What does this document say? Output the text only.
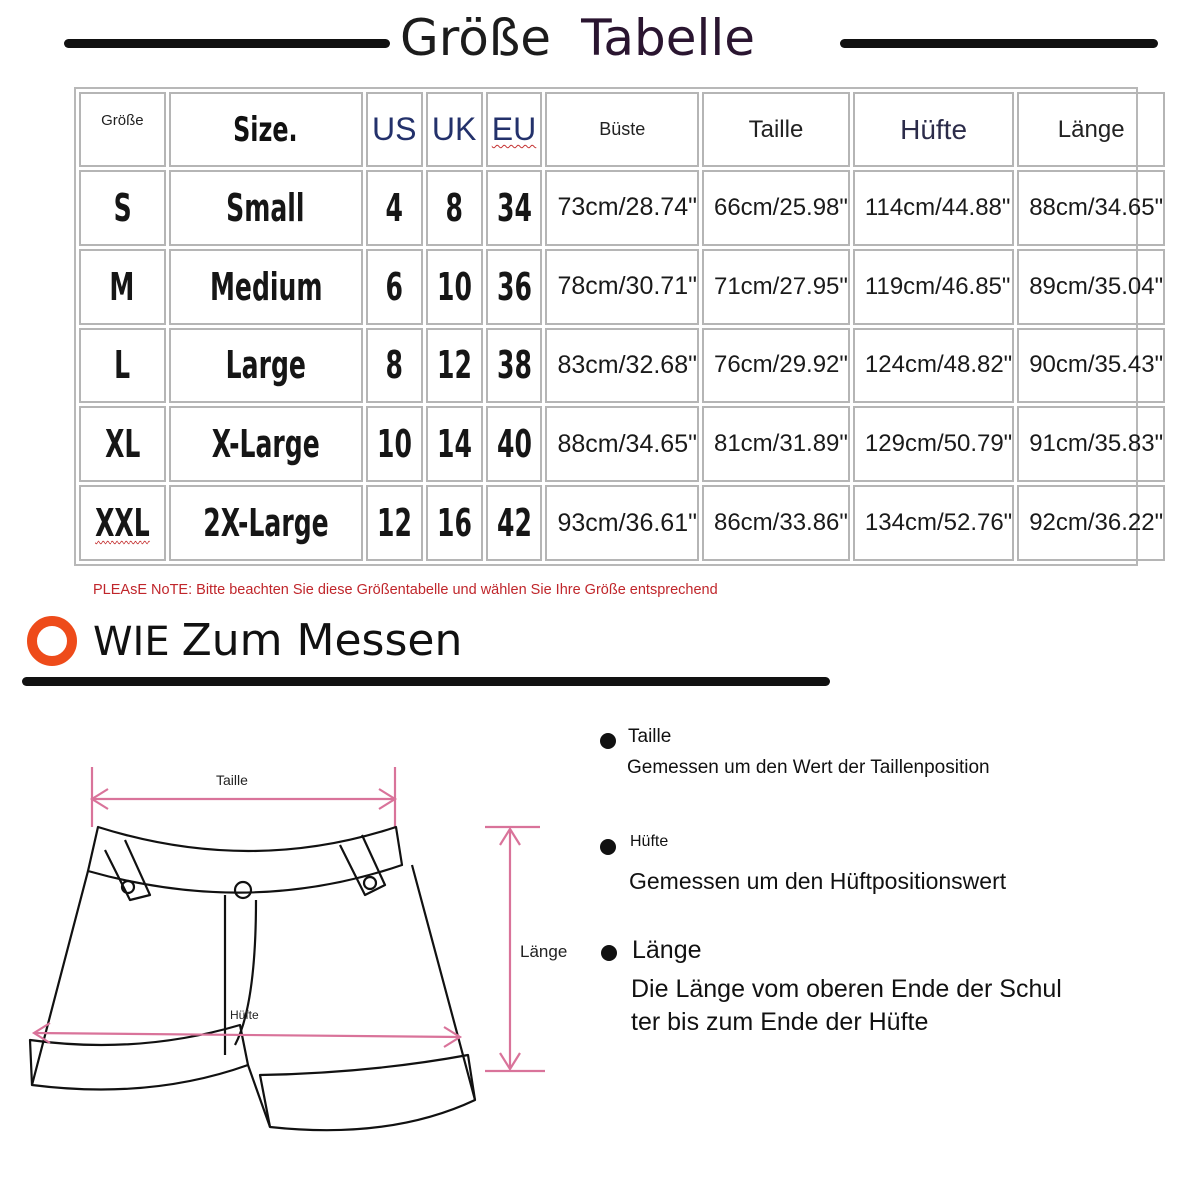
Größe Tabelle
Größe	Size.	US	UK	EU	Büste	Taille	Hüfte	Länge
S	Small	4	8	34	73cm/28.74"	66cm/25.98"	114cm/44.88"	88cm/34.65"
M	Medium	6	10	36	78cm/30.71"	71cm/27.95"	119cm/46.85"	89cm/35.04"
L	Large	8	12	38	83cm/32.68"	76cm/29.92"	124cm/48.82"	90cm/35.43"
XL	X-Large	10	14	40	88cm/34.65"	81cm/31.89"	129cm/50.79"	91cm/35.83"
XXL	2X-Large	12	16	42	93cm/36.61"	86cm/33.86"	134cm/52.76"	92cm/36.22"
PLEAsE NoTE: Bitte beachten Sie diese Größentabelle und wählen Sie Ihre Größe entsprechend
WIE Zum Messen
Taille
Hüfte
Länge
Taille
Gemessen um den Wert der Taillenposition
Hüfte
Gemessen um den Hüftpositionswert
Länge
Die Länge vom oberen Ende der Schul
ter bis zum Ende der Hüfte
